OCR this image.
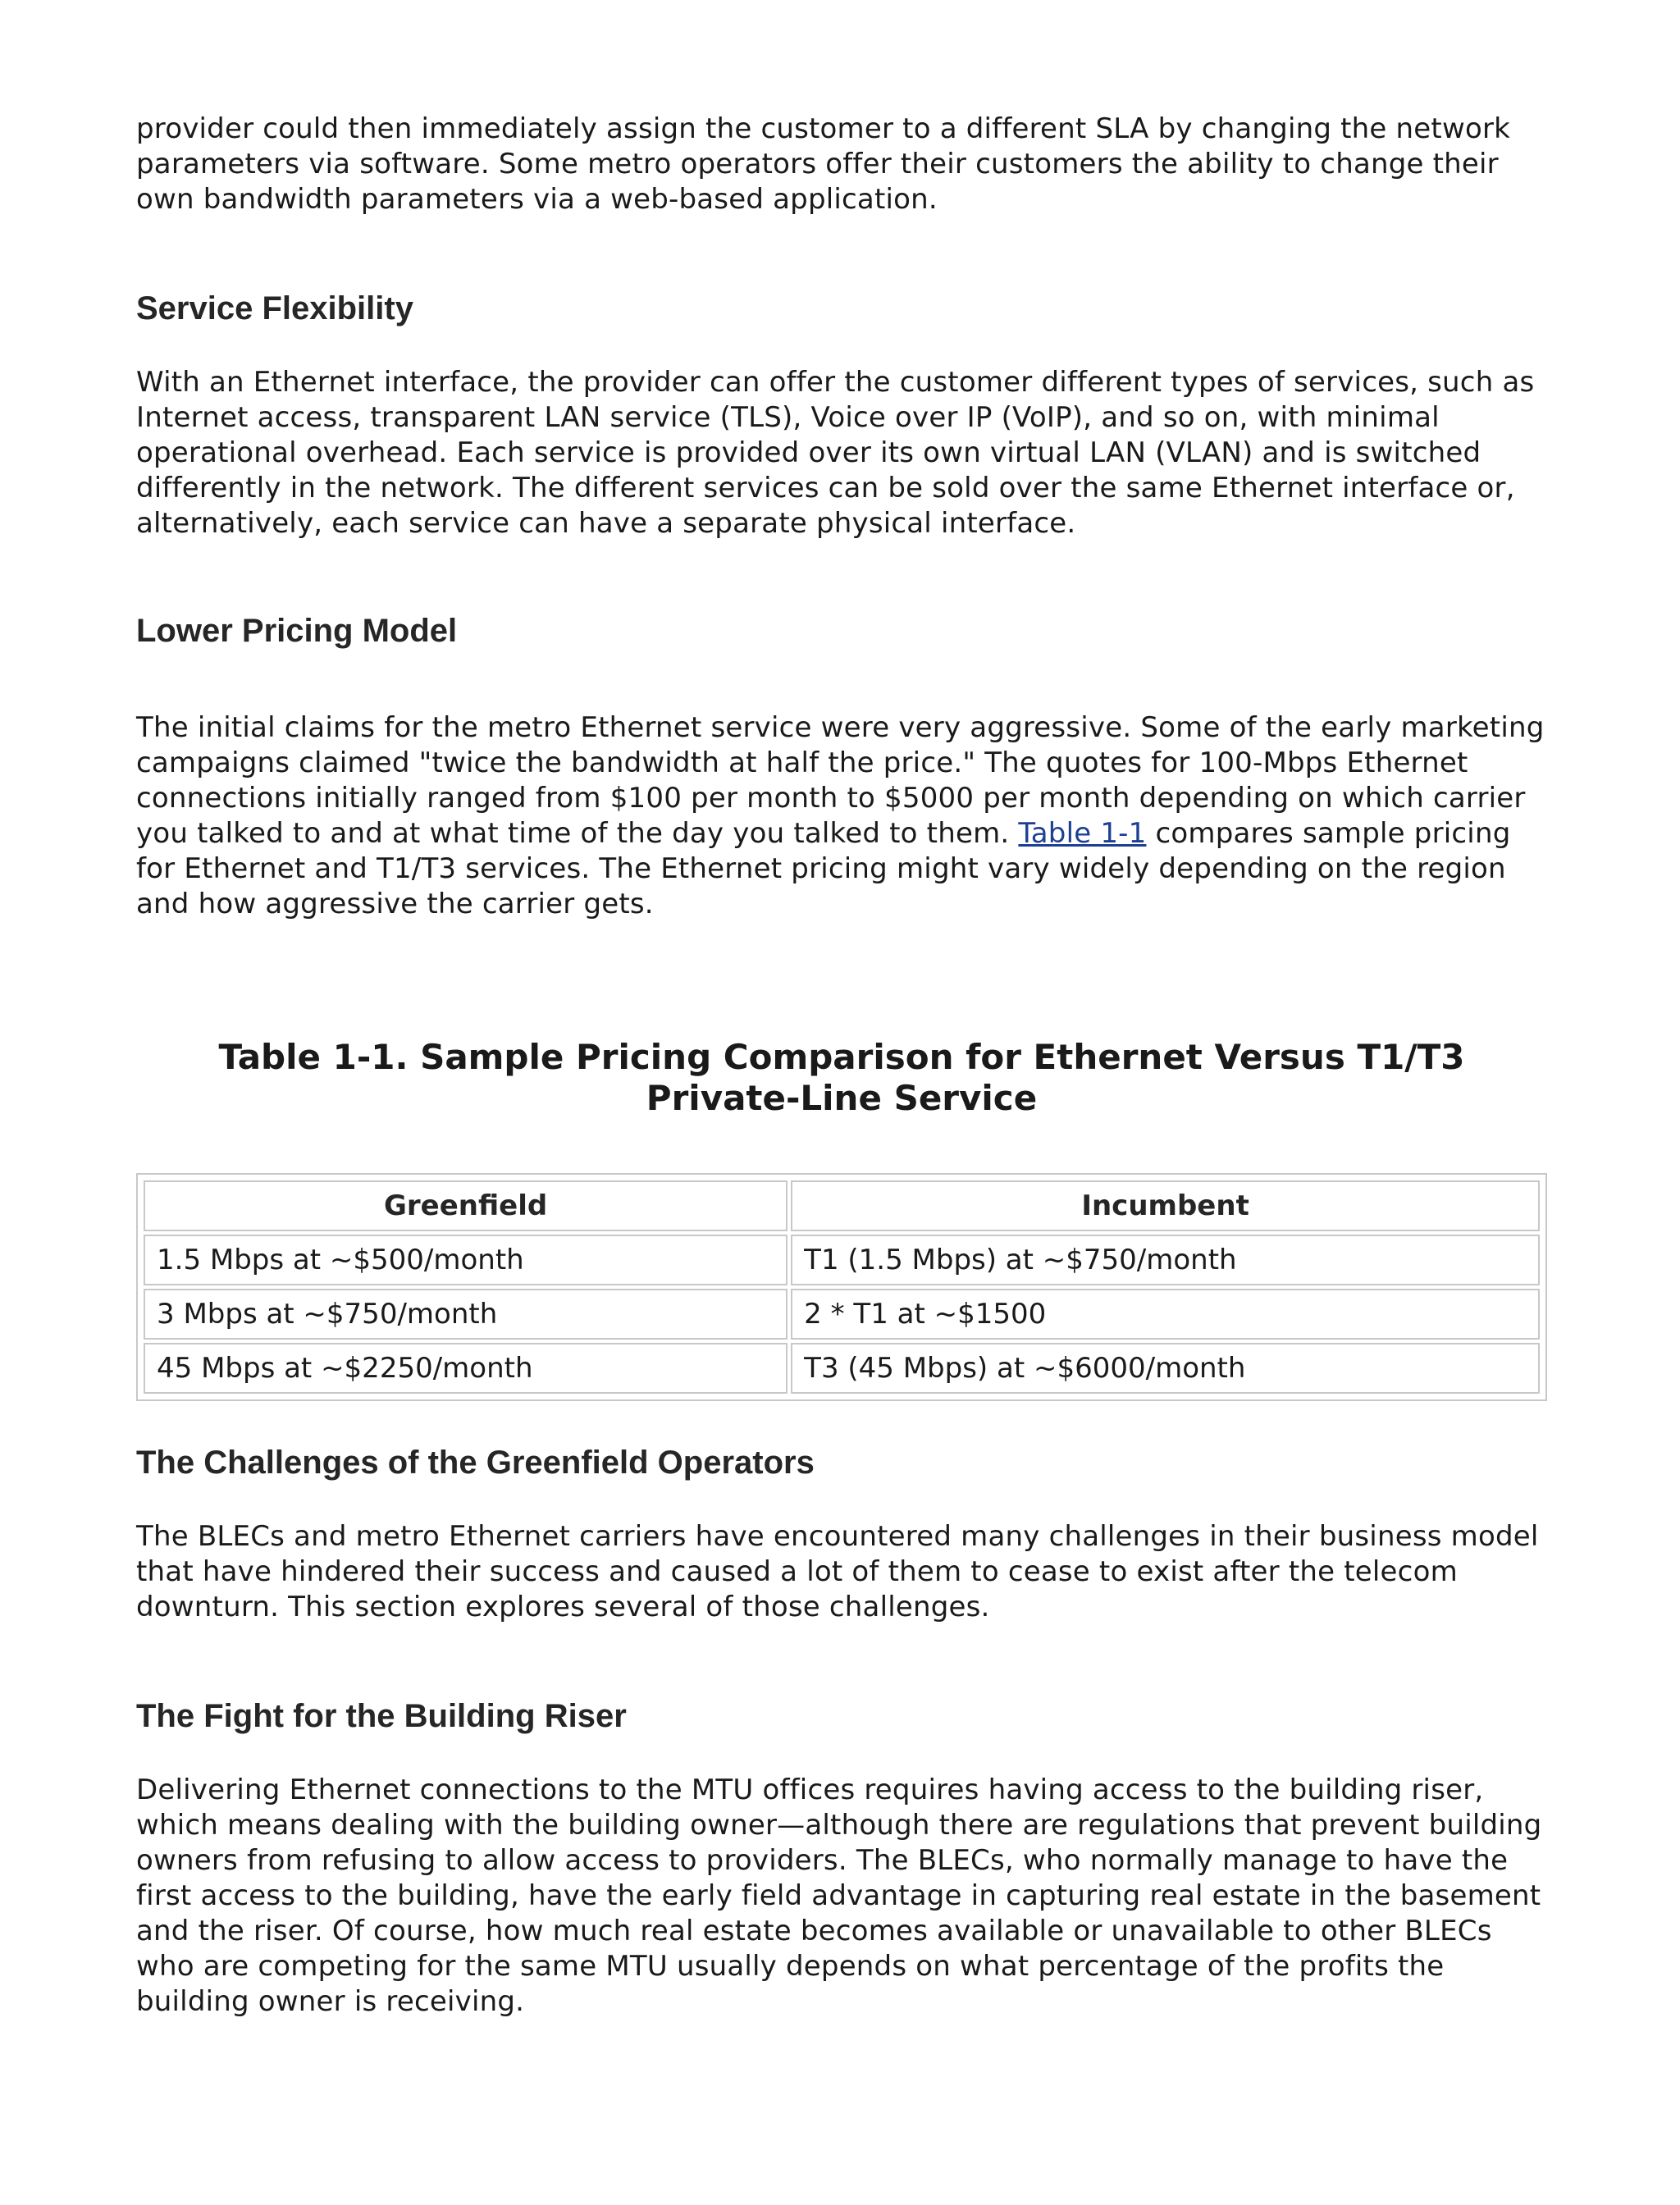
provider could then immediately assign the customer to a different SLA by changing the network parameters via software. Some metro operators offer their customers the ability to change their own bandwidth parameters via a web-based application.

Service Flexibility

With an Ethernet interface, the provider can offer the customer different types of services, such as Internet access, transparent LAN service (TLS), Voice over IP (VoIP), and so on, with minimal operational overhead. Each service is provided over its own virtual LAN (VLAN) and is switched differently in the network. The different services can be sold over the same Ethernet interface or, alternatively, each service can have a separate physical interface.

Lower Pricing Model

The initial claims for the metro Ethernet service were very aggressive. Some of the early marketing campaigns claimed "twice the bandwidth at half the price." The quotes for 100-Mbps Ethernet connections initially ranged from $100 per month to $5000 per month depending on which carrier you talked to and at what time of the day you talked to them. Table 1-1 compares sample pricing for Ethernet and T1/T3 services. The Ethernet pricing might vary widely depending on the region and how aggressive the carrier gets.

Table 1-1. Sample Pricing Comparison for Ethernet Versus T1/T3
Private-Line Service
Greenfield	Incumbent
1.5 Mbps at ~$500/month	T1 (1.5 Mbps) at ~$750/month
3 Mbps at ~$750/month	2 * T1 at ~$1500
45 Mbps at ~$2250/month	T3 (45 Mbps) at ~$6000/month
The Challenges of the Greenfield Operators

The BLECs and metro Ethernet carriers have encountered many challenges in their business model that have hindered their success and caused a lot of them to cease to exist after the telecom downturn. This section explores several of those challenges.

The Fight for the Building Riser

Delivering Ethernet connections to the MTU offices requires having access to the building riser, which means dealing with the building owner—although there are regulations that prevent building owners from refusing to allow access to providers. The BLECs, who normally manage to have the first access to the building, have the early field advantage in capturing real estate in the basement and the riser. Of course, how much real estate becomes available or unavailable to other BLECs who are competing for the same MTU usually depends on what percentage of the profits the building owner is receiving.
